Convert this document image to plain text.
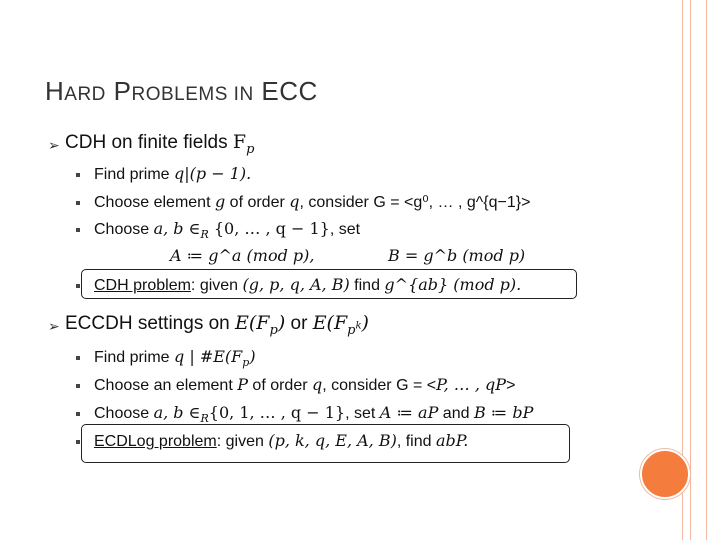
HARD PROBLEMS IN ECC
➢ CDH on finite fields $F_p$
Find prime q|(p − 1).
Choose element g of order q, consider G = <g⁰, … , g^{q−1}>
Choose a, b $\in_R$ {0, … , q − 1}, set
A ≔ g^a (mod p),	B = g^b (mod p)
CDH problem: given (g, p, q, A, B) find g^{ab} (mod p).
➢ ECCDH settings on $E(F_p)$ or $E(F_{p^k})$
Find prime q | $\#E(F_p)$
Choose an element P of order q, consider G = <P, … , qP>
Choose a, b $\in_R\{0$, 1, … , q − 1}, set A ≔ aP and B ≔ bP
ECDLog problem: given (p, k, q, E, A, B), find abP.
